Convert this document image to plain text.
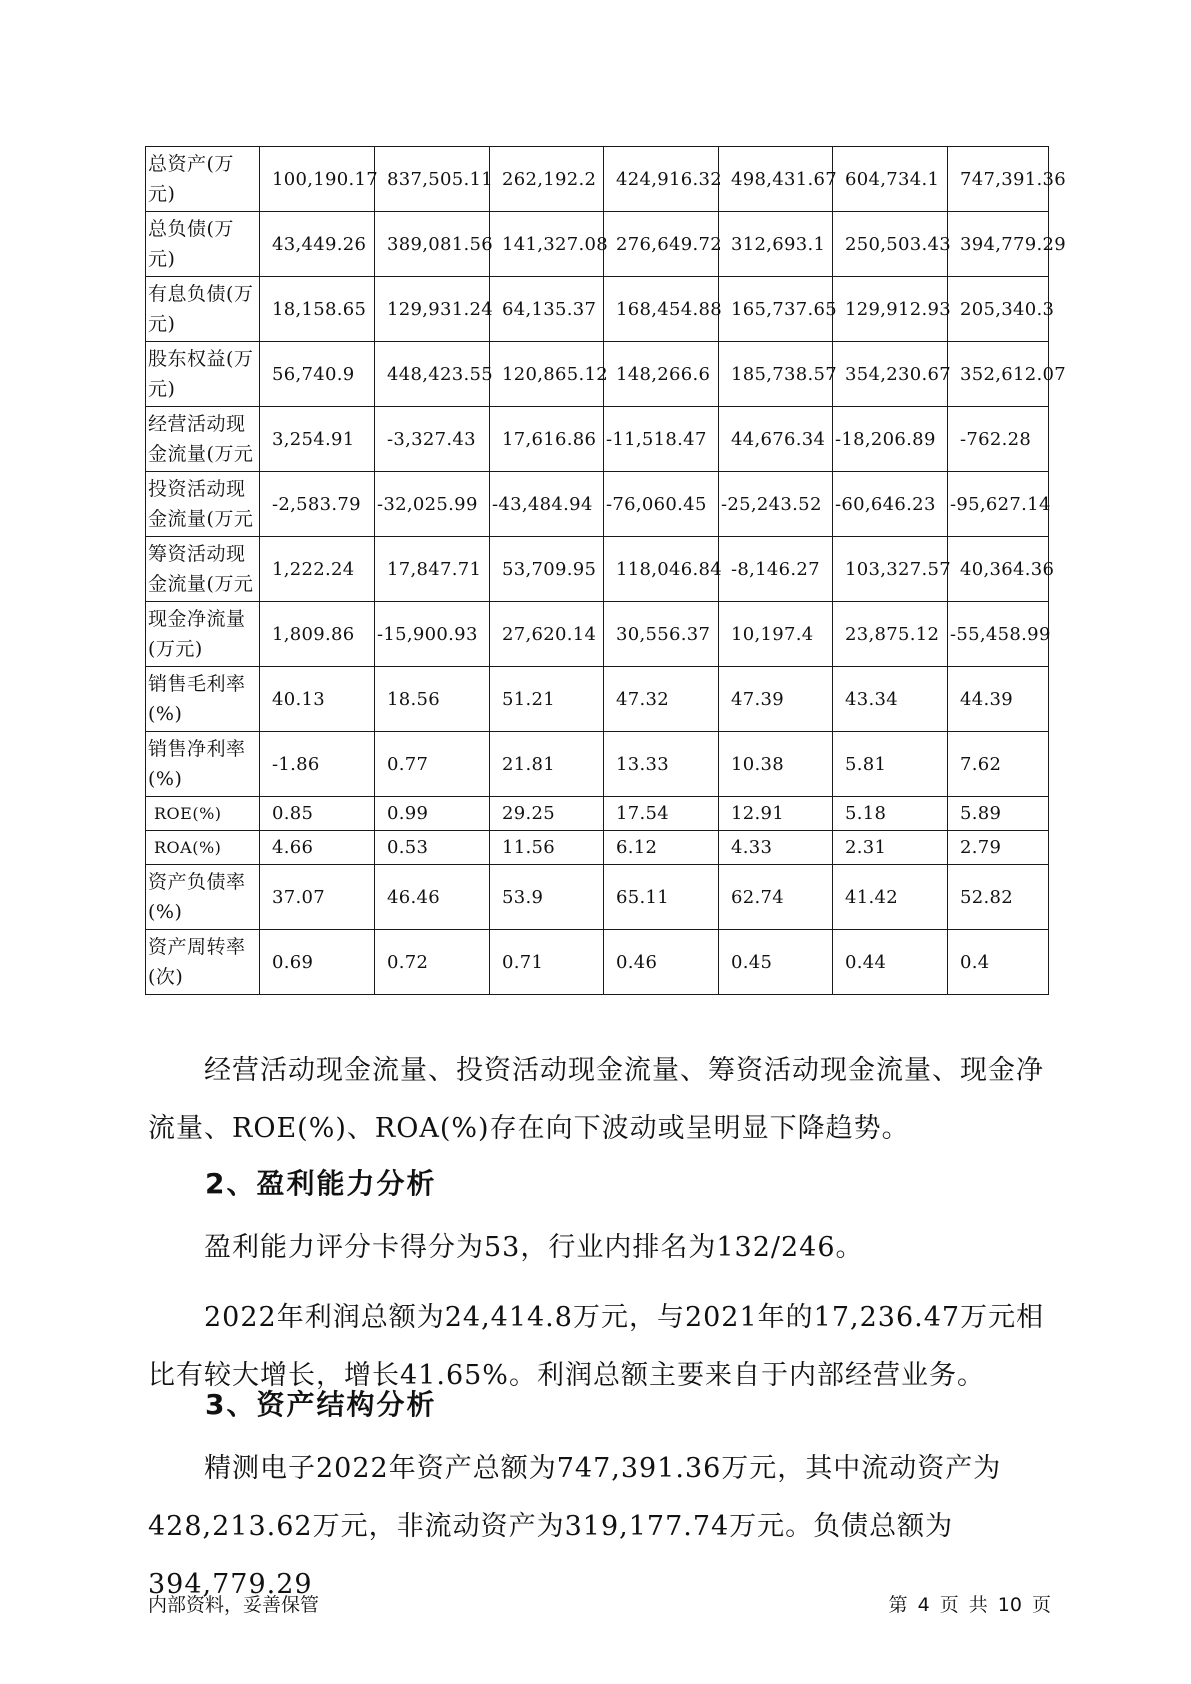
总资产(万元)	100,190.17	837,505.11	262,192.2	424,916.32	498,431.67	604,734.1	747,391.36
总负债(万元)	43,449.26	389,081.56	141,327.08	276,649.72	312,693.1	250,503.43	394,779.29
有息负债(万元)	18,158.65	129,931.24	64,135.37	168,454.88	165,737.65	129,912.93	205,340.3
股东权益(万元)	56,740.9	448,423.55	120,865.12	148,266.6	185,738.57	354,230.67	352,612.07
经营活动现金流量(万元	3,254.91	-3,327.43	17,616.86	-11,518.47	44,676.34	-18,206.89	-762.28
投资活动现金流量(万元	-2,583.79	-32,025.99	-43,484.94	-76,060.45	-25,243.52	-60,646.23	-95,627.14
筹资活动现金流量(万元	1,222.24	17,847.71	53,709.95	118,046.84	-8,146.27	103,327.57	40,364.36
现金净流量(万元)	1,809.86	-15,900.93	27,620.14	30,556.37	10,197.4	23,875.12	-55,458.99
销售毛利率(%)	40.13	18.56	51.21	47.32	47.39	43.34	44.39
销售净利率(%)	-1.86	0.77	21.81	13.33	10.38	5.81	7.62
ROE(%)	0.85	0.99	29.25	17.54	12.91	5.18	5.89
ROA(%)	4.66	0.53	11.56	6.12	4.33	2.31	2.79
资产负债率(%)	37.07	46.46	53.9	65.11	62.74	41.42	52.82
资产周转率(次)	0.69	0.72	0.71	0.46	0.45	0.44	0.4

经营活动现金流量、投资活动现金流量、筹资活动现金流量、现金净流量、ROE(%)、ROA(%)存在向下波动或呈明显下降趋势。

2、盈利能力分析

盈利能力评分卡得分为53，行业内排名为132/246。

2022年利润总额为24,414.8万元，与2021年的17,236.47万元相比有较大增长，增长41.65%。利润总额主要来自于内部经营业务。

3、资产结构分析

精测电子2022年资产总额为747,391.36万元，其中流动资产为428,213.62万元，非流动资产为319,177.74万元。负债总额为394,779.29

内部资料，妥善保管	第 4 页 共 10 页
